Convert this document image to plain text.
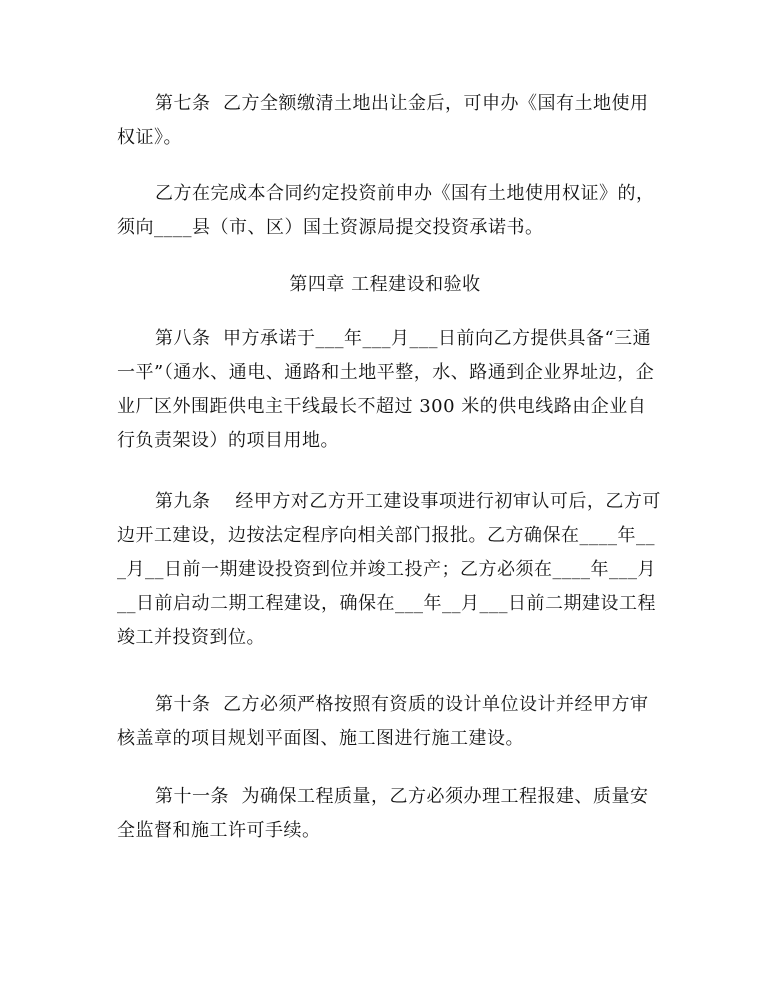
第七条  乙方全额缴清土地出让金后，可申办《国有土地使用权证》。

乙方在完成本合同约定投资前申办《国有土地使用权证》的，须向____县（市、区）国土资源局提交投资承诺书。

第四章 工程建设和验收

第八条  甲方承诺于___年___月___日前向乙方提供具备“三通一平”（通水、通电、通路和土地平整，水、路通到企业界址边，企业厂区外围距供电主干线最长不超过 300 米的供电线路由企业自行负责架设）的项目用地。

第九条    经甲方对乙方开工建设事项进行初审认可后，乙方可边开工建设，边按法定程序向相关部门报批。乙方确保在____年___月__日前一期建设投资到位并竣工投产；乙方必须在____年___月__日前启动二期工程建设，确保在___年__月___日前二期建设工程竣工并投资到位。

第十条  乙方必须严格按照有资质的设计单位设计并经甲方审核盖章的项目规划平面图、施工图进行施工建设。

第十一条  为确保工程质量，乙方必须办理工程报建、质量安全监督和施工许可手续。
